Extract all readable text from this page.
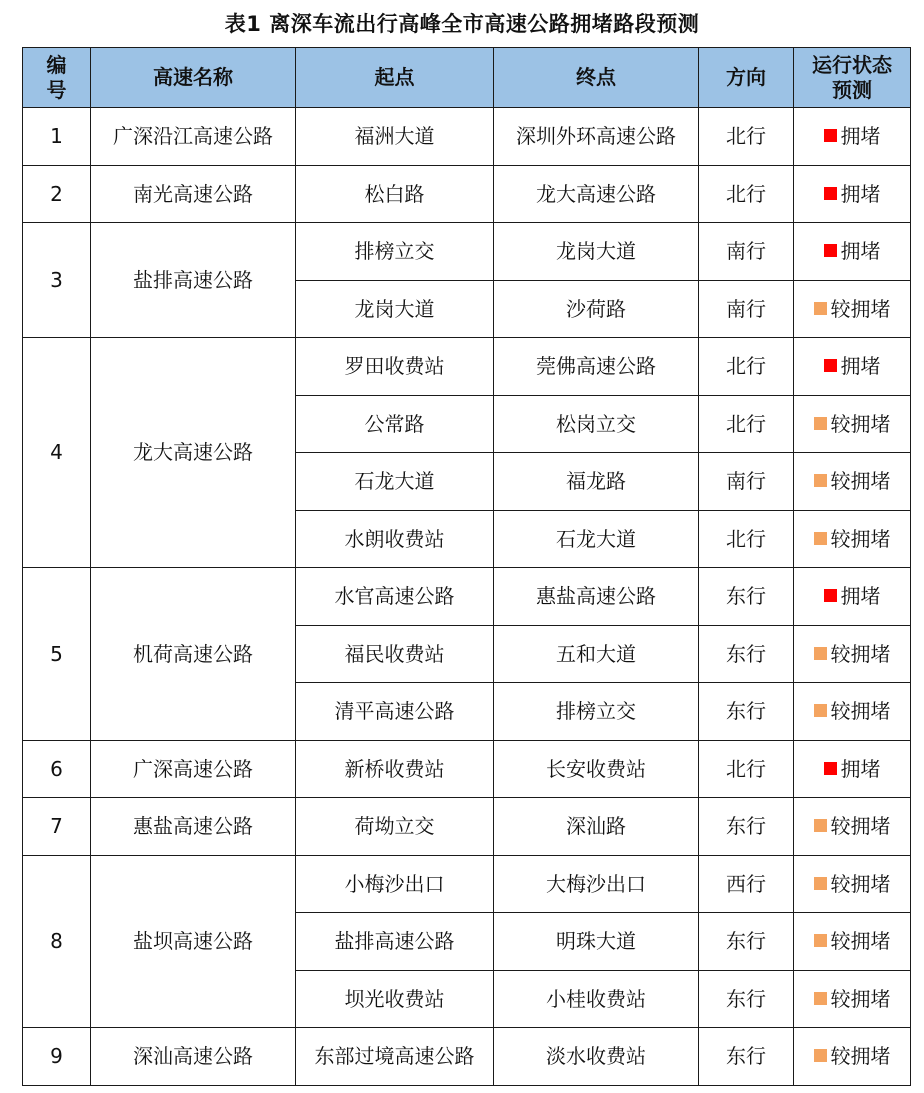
表1 离深车流出行高峰全市高速公路拥堵路段预测
编号	高速名称	起点	终点	方向	运行状态预测
1	广深沿江高速公路	福洲大道	深圳外环高速公路	北行	拥堵
2	南光高速公路	松白路	龙大高速公路	北行	拥堵
3	盐排高速公路	排榜立交	龙岗大道	南行	拥堵
		龙岗大道	沙荷路	南行	较拥堵
4	龙大高速公路	罗田收费站	莞佛高速公路	北行	拥堵
		公常路	松岗立交	北行	较拥堵
		石龙大道	福龙路	南行	较拥堵
		水朗收费站	石龙大道	北行	较拥堵
5	机荷高速公路	水官高速公路	惠盐高速公路	东行	拥堵
		福民收费站	五和大道	东行	较拥堵
		清平高速公路	排榜立交	东行	较拥堵
6	广深高速公路	新桥收费站	长安收费站	北行	拥堵
7	惠盐高速公路	荷坳立交	深汕路	东行	较拥堵
8	盐坝高速公路	小梅沙出口	大梅沙出口	西行	较拥堵
		盐排高速公路	明珠大道	东行	较拥堵
		坝光收费站	小桂收费站	东行	较拥堵
9	深汕高速公路	东部过境高速公路	淡水收费站	东行	较拥堵
